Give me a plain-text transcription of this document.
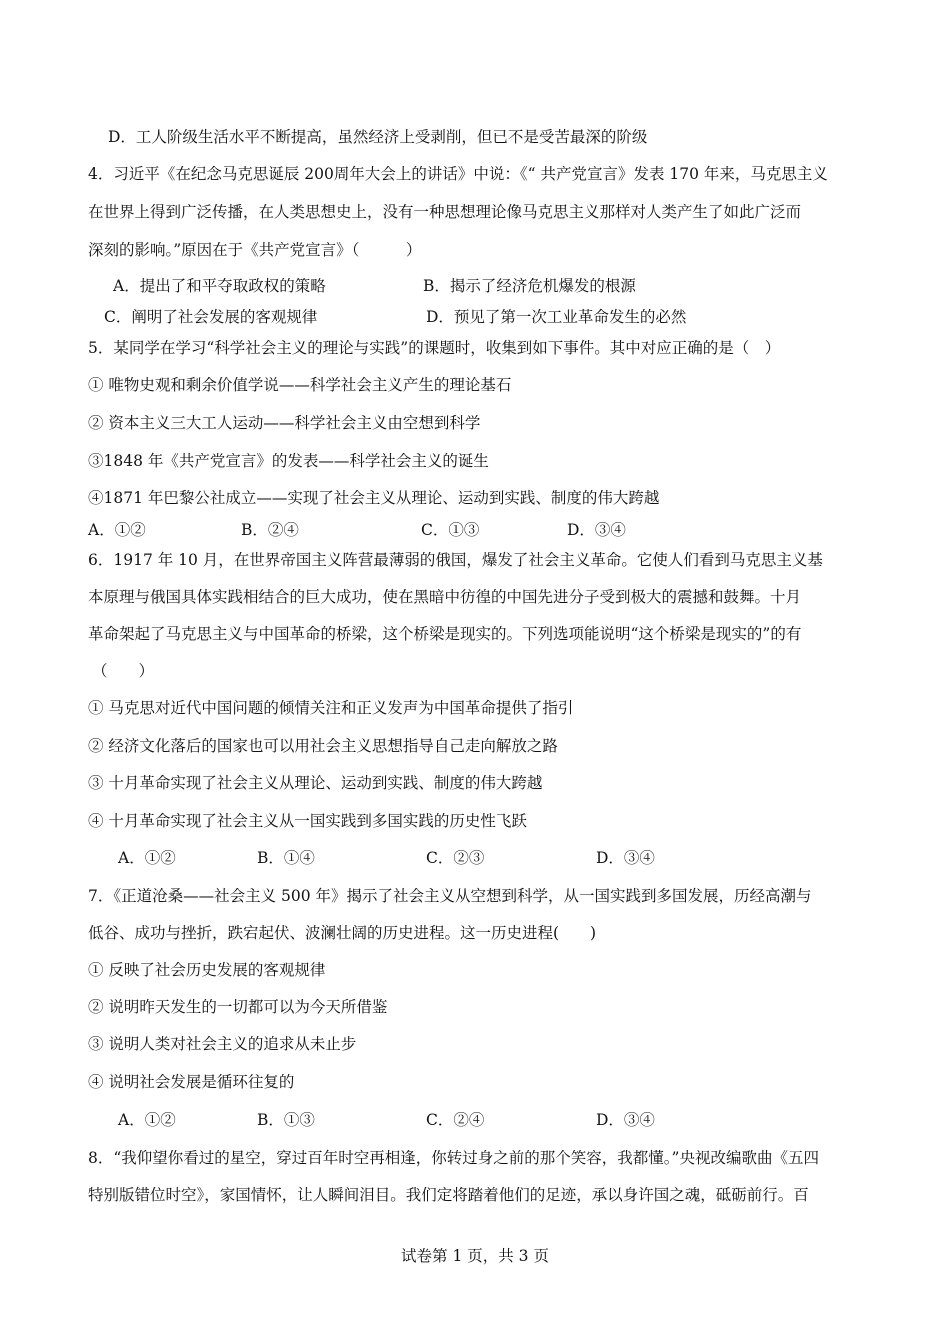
D．工人阶级生活水平不断提高，虽然经济上受剥削，但已不是受苦最深的阶级
4．习近平《在纪念马克思诞辰 200周年大会上的讲话》中说：《“ 共产党宣言》发表 170 年来，马克思主义
在世界上得到广泛传播，在人类思想史上，没有一种思想理论像马克思主义那样对人类产生了如此广泛而
深刻的影响。”原因在于《共产党宣言》（　　　）
A．提出了和平夺取政权的策略	B．揭示了经济危机爆发的根源
C．阐明了社会发展的客观规律	D．预见了第一次工业革命发生的必然
5．某同学在学习“科学社会主义的理论与实践”的课题时，收集到如下事件。其中对应正确的是（　）
① 唯物史观和剩余价值学说——科学社会主义产生的理论基石
② 资本主义三大工人运动——科学社会主义由空想到科学
③1848 年《共产党宣言》的发表——科学社会主义的诞生
④1871 年巴黎公社成立——实现了社会主义从理论、运动到实践、制度的伟大跨越
A．①②	B．②④	C．①③	D．③④
6．1917 年 10 月，在世界帝国主义阵营最薄弱的俄国，爆发了社会主义革命。它使人们看到马克思主义基
本原理与俄国具体实践相结合的巨大成功，使在黑暗中彷徨的中国先进分子受到极大的震撼和鼓舞。十月
革命架起了马克思主义与中国革命的桥梁，这个桥梁是现实的。下列选项能说明“这个桥梁是现实的”的有
（　　）
① 马克思对近代中国问题的倾情关注和正义发声为中国革命提供了指引
② 经济文化落后的国家也可以用社会主义思想指导自己走向解放之路
③ 十月革命实现了社会主义从理论、运动到实践、制度的伟大跨越
④ 十月革命实现了社会主义从一国实践到多国实践的历史性飞跃
A．①②	B．①④	C．②③	D．③④
7．《正道沧桑——社会主义 500 年》揭示了社会主义从空想到科学，从一国实践到多国发展，历经高潮与
低谷、成功与挫折，跌宕起伏、波澜壮阔的历史进程。这一历史进程(　　)
① 反映了社会历史发展的客观规律
② 说明昨天发生的一切都可以为今天所借鉴
③ 说明人类对社会主义的追求从未止步
④ 说明社会发展是循环往复的
A．①②	B．①③	C．②④	D．③④
8．“我仰望你看过的星空，穿过百年时空再相逢，你转过身之前的那个笑容，我都懂。”央视改编歌曲《五四
特别版错位时空》，家国情怀，让人瞬间泪目。我们定将踏着他们的足迹，承以身许国之魂，砥砺前行。百
试卷第 1 页，共 3 页
